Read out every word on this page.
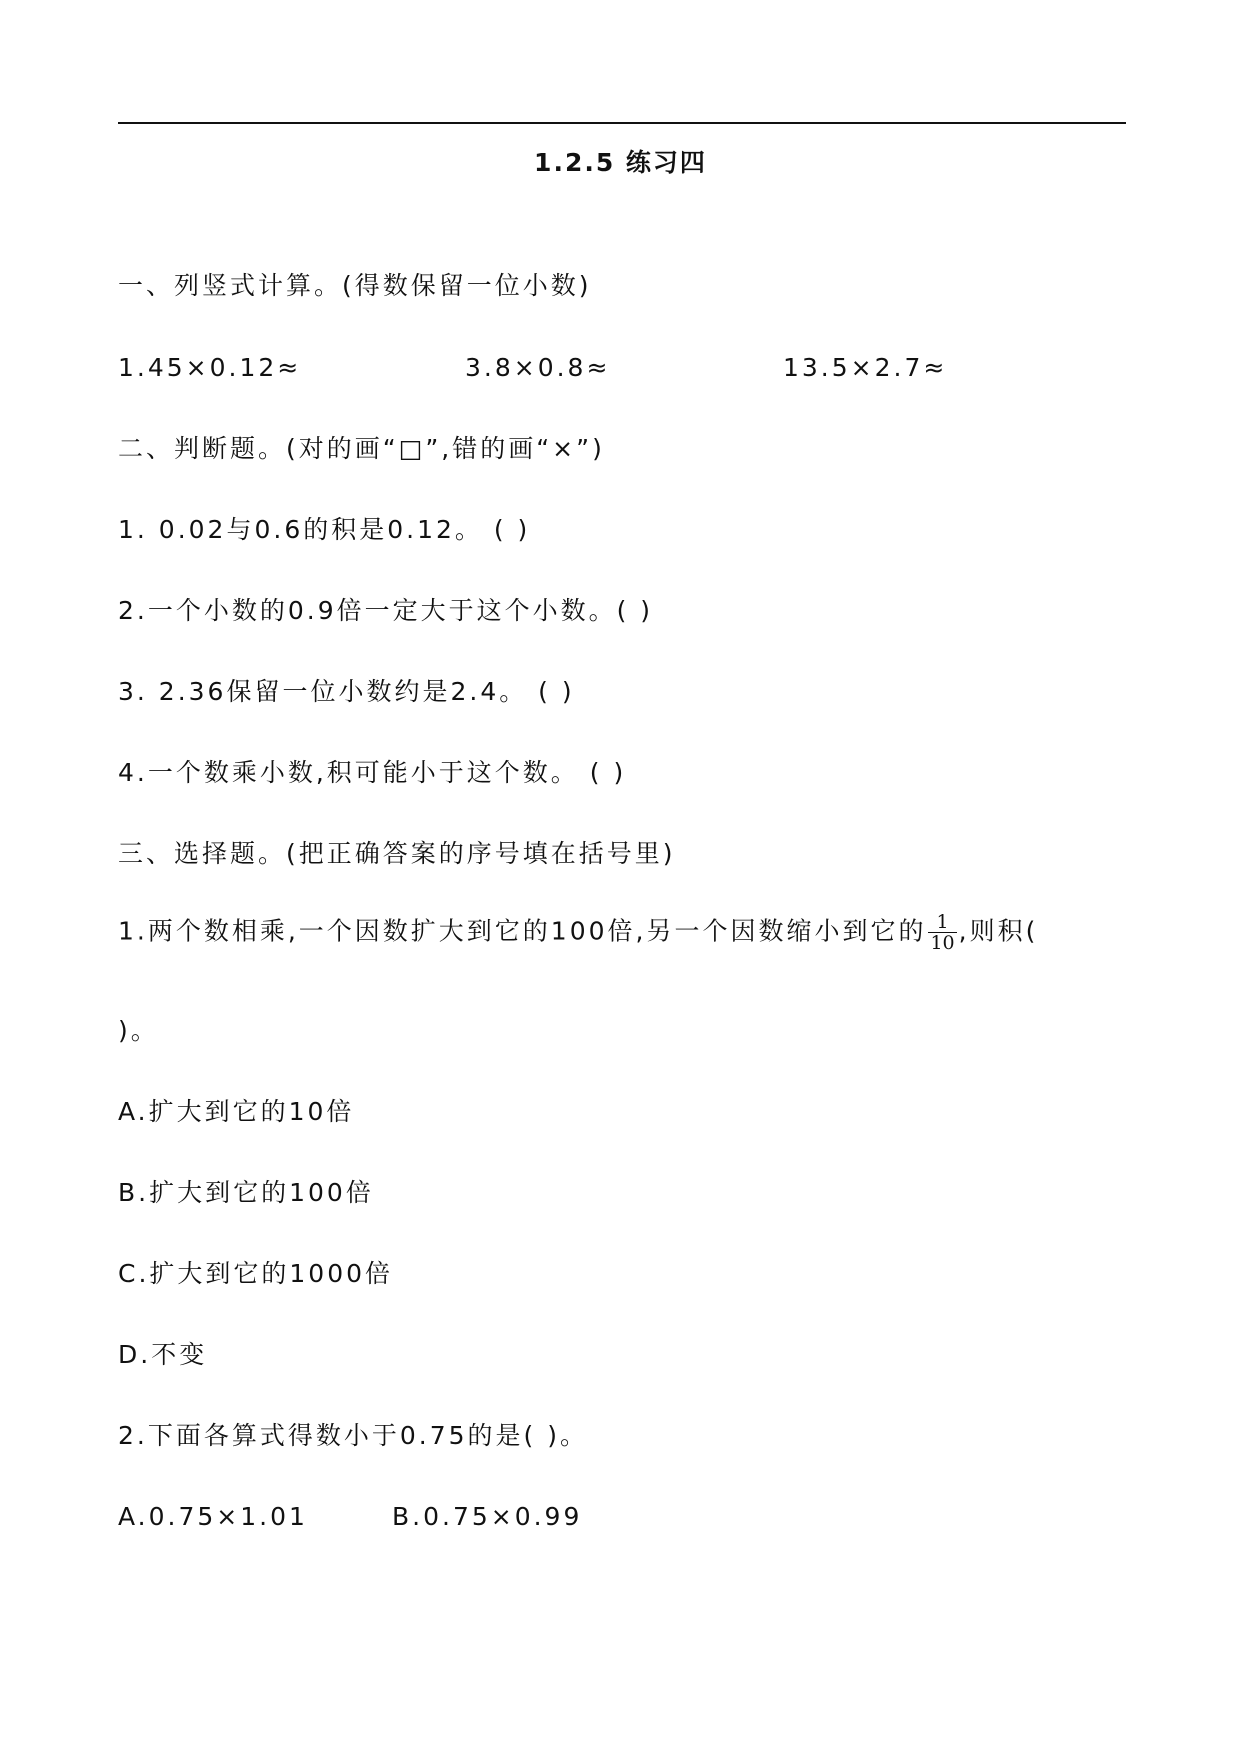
1.2.5 练习四
一、列竖式计算。(得数保留一位小数)
1.45×0.12≈	3.8×0.8≈	13.5×2.7≈
二、判断题。(对的画“□”,错的画“×”)
1. 0.02与0.6的积是0.12。 ( )
2.一个小数的0.9倍一定大于这个小数。( )
3. 2.36保留一位小数约是2.4。 ( )
4.一个数乘小数,积可能小于这个数。 ( )
三、选择题。(把正确答案的序号填在括号里)
1.两个数相乘,一个因数扩大到它的100倍,另一个因数缩小到它的 $\frac{1}{10}$ ,则积(
)。
A.扩大到它的10倍
B.扩大到它的100倍
C.扩大到它的1000倍
D.不变
2.下面各算式得数小于0.75的是( )。
A.0.75×1.01	B.0.75×0.99
